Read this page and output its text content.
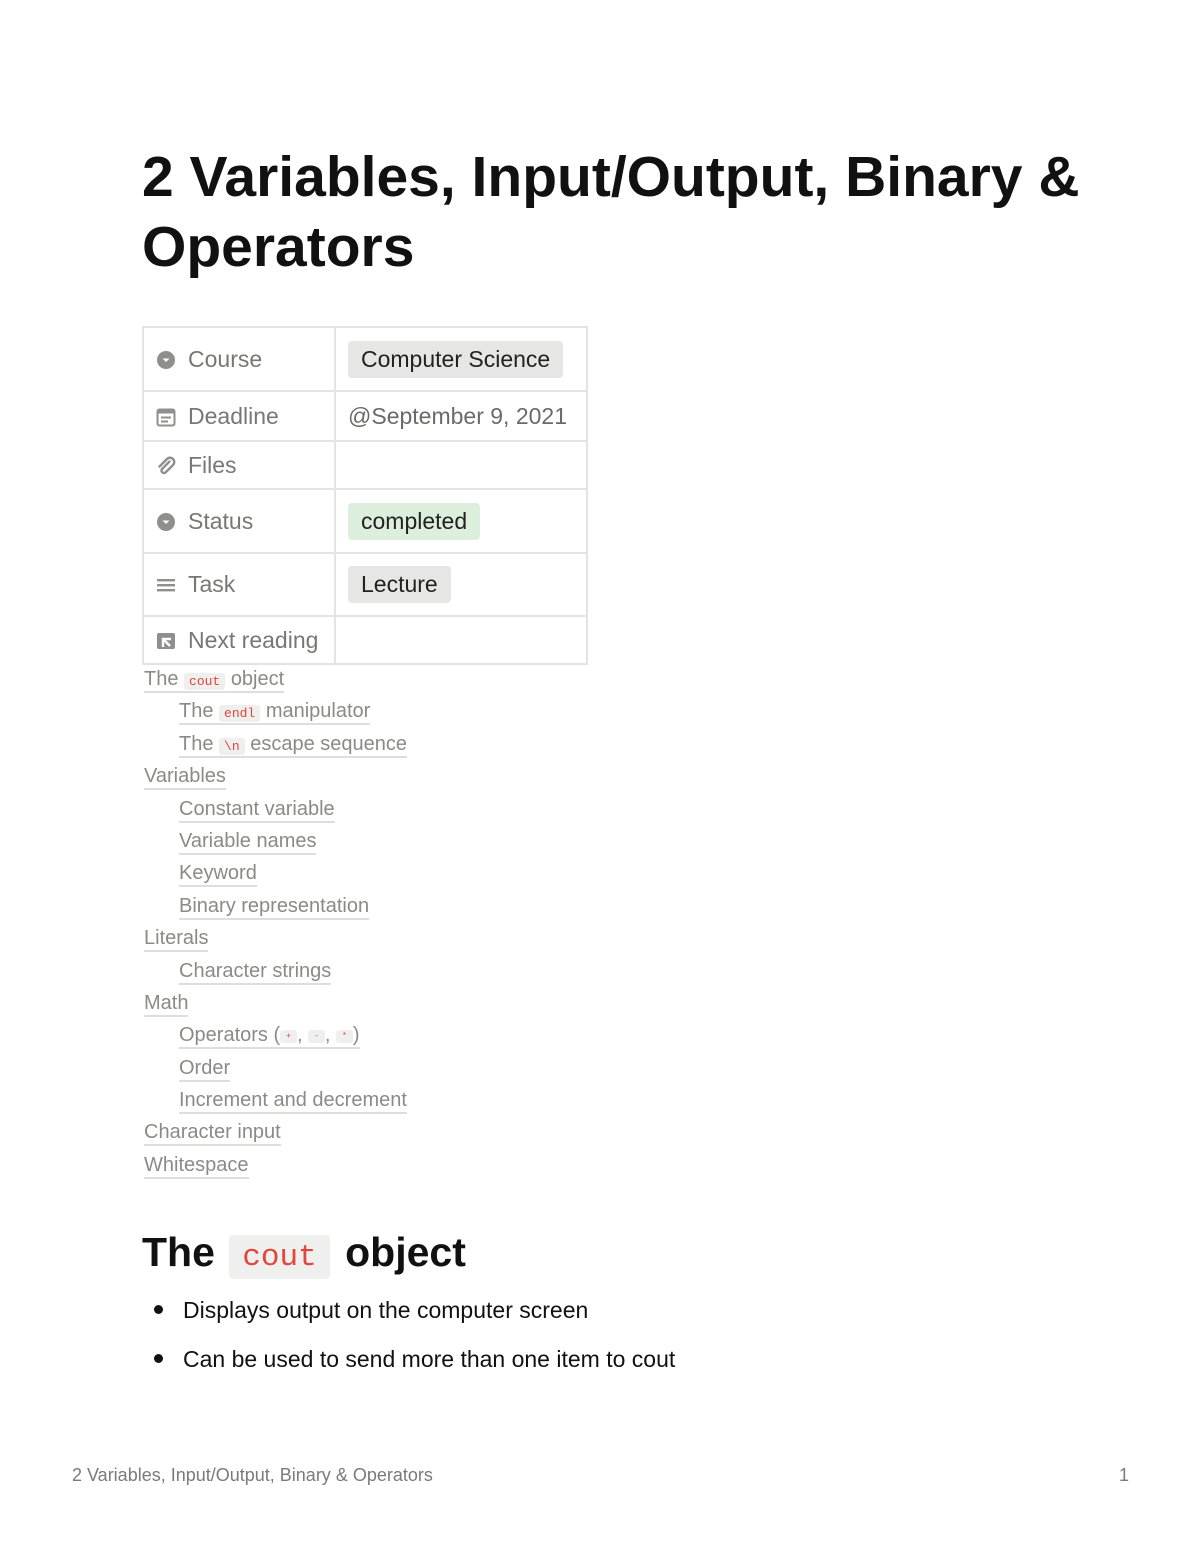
2 Variables, Input/Output, Binary & Operators
Course	Computer Science
Deadline	@September 9, 2021
Files	
Status	completed
Task	Lecture
Next reading	
The cout object
The endl manipulator
The \n escape sequence
Variables
Constant variable
Variable names
Keyword
Binary representation
Literals
Character strings
Math
Operators ( + , - , * )
Order
Increment and decrement
Character input
Whitespace
The cout object
Displays output on the computer screen
Can be used to send more than one item to cout
2 Variables, Input/Output, Binary & Operators	1
